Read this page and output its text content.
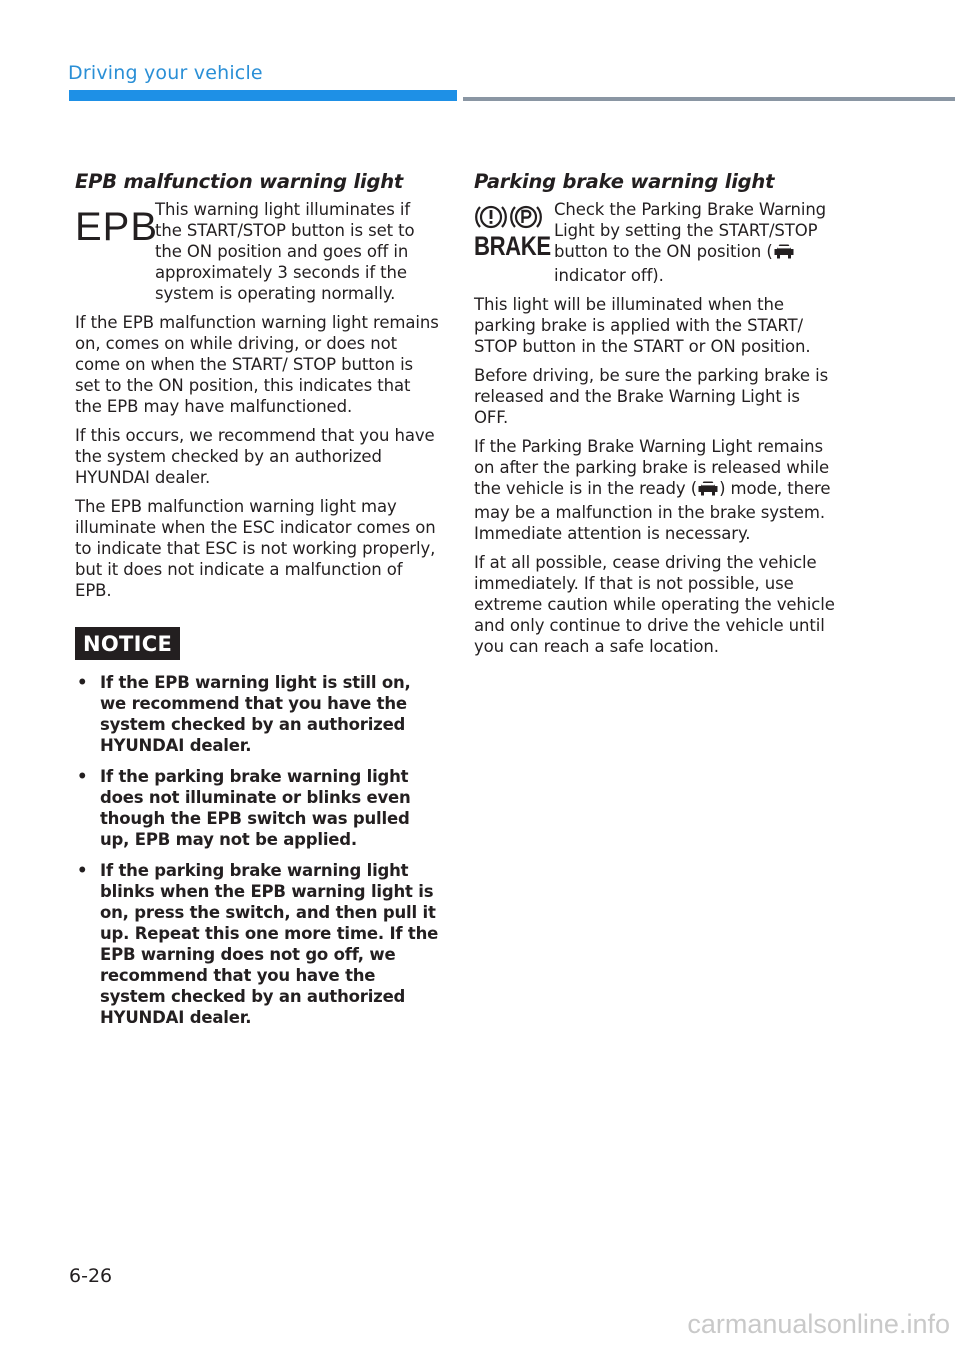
Driving your vehicle
EPB malfunction warning light
EPB

This warning light illuminates if the START/STOP button is set to the ON position and goes off in approximately 3 seconds if the system is operating normally.

If the EPB malfunction warning light remains on, comes on while driving, or does not come on when the START/ STOP button is set to the ON position, this indicates that the EPB may have malfunctioned.

If this occurs, we recommend that you have the system checked by an authorized HYUNDAI dealer.

The EPB malfunction warning light may illuminate when the ESC indicator comes on to indicate that ESC is not working properly, but it does not indicate a malfunction of EPB.

NOTICE
• If the EPB warning light is still on, we recommend that you have the system checked by an authorized HYUNDAI dealer.
• If the parking brake warning light does not illuminate or blinks even though the EPB switch was pulled up, EPB may not be applied.
• If the parking brake warning light blinks when the EPB warning light is on, press the switch, and then pull it up. Repeat this one more time. If the EPB warning does not go off, we recommend that you have the system checked by an authorized HYUNDAI dealer.
Parking brake warning light
BRAKE

Check the Parking Brake Warning Light by setting the START/STOP button to the ON position ( indicator off).

This light will be illuminated when the parking brake is applied with the START/ STOP button in the START or ON position.

Before driving, be sure the parking brake is released and the Brake Warning Light is OFF.

If the Parking Brake Warning Light remains on after the parking brake is released while the vehicle is in the ready ( ) mode, there may be a malfunction in the brake system. Immediate attention is necessary.

If at all possible, cease driving the vehicle immediately. If that is not possible, use extreme caution while operating the vehicle and only continue to drive the vehicle until you can reach a safe location.

6-26
carmanualsonline.info
